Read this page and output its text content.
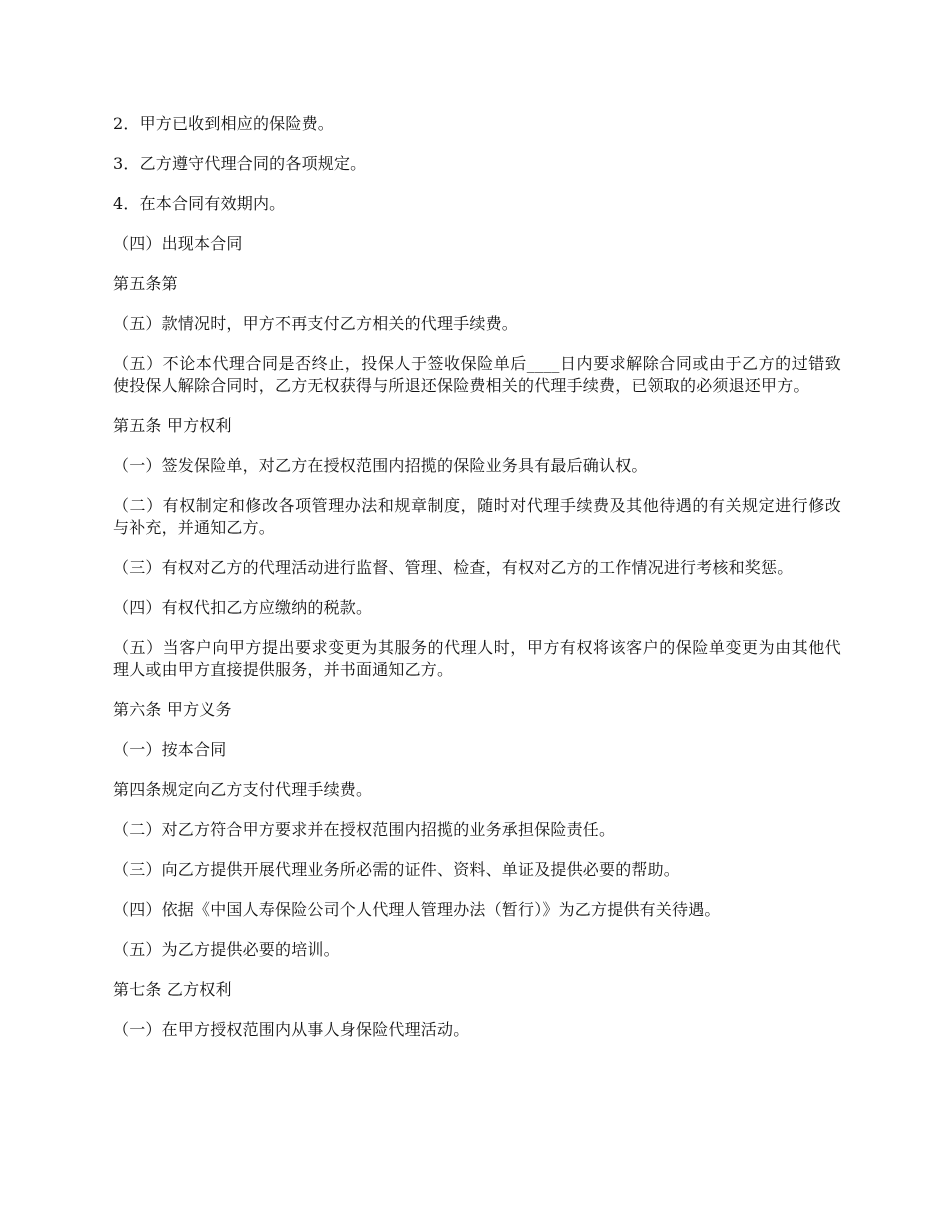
2．甲方已收到相应的保险费。

3．乙方遵守代理合同的各项规定。

4．在本合同有效期内。

（四）出现本合同

第五条第

（五）款情况时，甲方不再支付乙方相关的代理手续费。

（五）不论本代理合同是否终止，投保人于签收保险单后____日内要求解除合同或由于乙方的过错致使投保人解除合同时，乙方无权获得与所退还保险费相关的代理手续费，已领取的必须退还甲方。

第五条 甲方权利

（一）签发保险单，对乙方在授权范围内招揽的保险业务具有最后确认权。

（二）有权制定和修改各项管理办法和规章制度，随时对代理手续费及其他待遇的有关规定进行修改与补充，并通知乙方。

（三）有权对乙方的代理活动进行监督、管理、检查，有权对乙方的工作情况进行考核和奖惩。

（四）有权代扣乙方应缴纳的税款。

（五）当客户向甲方提出要求变更为其服务的代理人时，甲方有权将该客户的保险单变更为由其他代理人或由甲方直接提供服务，并书面通知乙方。

第六条 甲方义务

（一）按本合同

第四条规定向乙方支付代理手续费。

（二）对乙方符合甲方要求并在授权范围内招揽的业务承担保险责任。

（三）向乙方提供开展代理业务所必需的证件、资料、单证及提供必要的帮助。

（四）依据《中国人寿保险公司个人代理人管理办法（暂行）》为乙方提供有关待遇。

（五）为乙方提供必要的培训。

第七条 乙方权利

（一）在甲方授权范围内从事人身保险代理活动。
